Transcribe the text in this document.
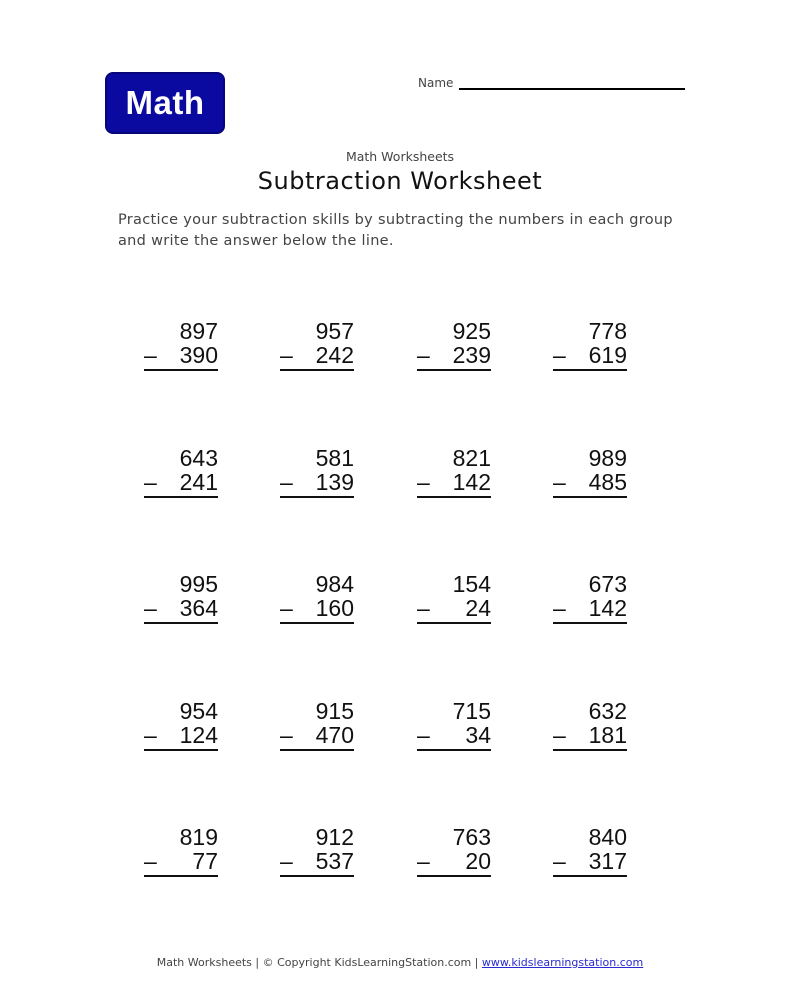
Math
Name
Math Worksheets
Subtraction Worksheet
Practice your subtraction skills by subtracting the numbers in each group and write the answer below the line.
897
– 390
957
– 242
925
– 239
778
– 619
643
– 241
581
– 139
821
– 142
989
– 485
995
– 364
984
– 160
154
– 24
673
– 142
954
– 124
915
– 470
715
– 34
632
– 181
819
– 77
912
– 537
763
– 20
840
– 317
Math Worksheets | © Copyright KidsLearningStation.com | www.kidslearningstation.com
